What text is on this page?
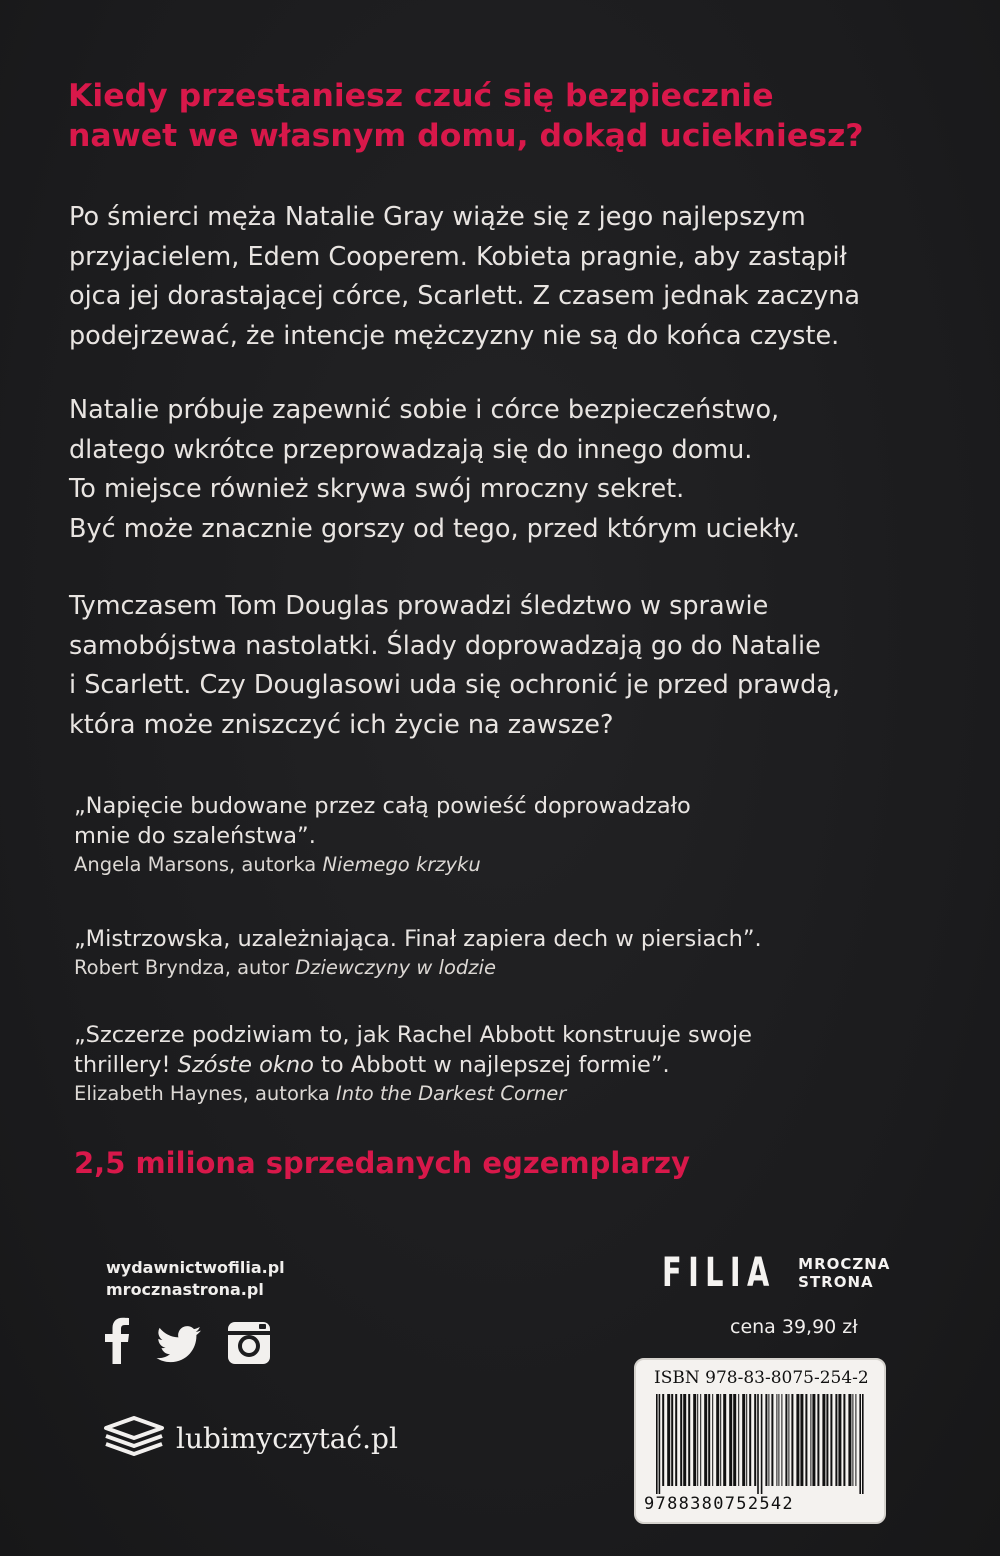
Kiedy przestaniesz czuć się bezpiecznie
nawet we własnym domu, dokąd uciekniesz?
Po śmierci męża Natalie Gray wiąże się z jego najlepszym
przyjacielem, Edem Cooperem. Kobieta pragnie, aby zastąpił
ojca jej dorastającej córce, Scarlett. Z czasem jednak zaczyna
podejrzewać, że intencje mężczyzny nie są do końca czyste.
Natalie próbuje zapewnić sobie i córce bezpieczeństwo,
dlatego wkrótce przeprowadzają się do innego domu.
To miejsce również skrywa swój mroczny sekret.
Być może znacznie gorszy od tego, przed którym uciekły.
Tymczasem Tom Douglas prowadzi śledztwo w sprawie
samobójstwa nastolatki. Ślady doprowadzają go do Natalie
i Scarlett. Czy Douglasowi uda się ochronić je przed prawdą,
która może zniszczyć ich życie na zawsze?
„Napięcie budowane przez całą powieść doprowadzało
mnie do szaleństwa”.
Angela Marsons, autorka Niemego krzyku
„Mistrzowska, uzależniająca. Finał zapiera dech w piersiach”.
Robert Bryndza, autor Dziewczyny w lodzie
„Szczerze podziwiam to, jak Rachel Abbott konstruuje swoje
thrillery! Szóste okno to Abbott w najlepszej formie”.
Elizabeth Haynes, autorka Into the Darkest Corner
2,5 miliona sprzedanych egzemplarzy
wydawnictwofilia.pl
mrocznastrona.pl
lubimyczytać.pl
FILIA MROCZNA
STRONA
cena 39,90 zł
ISBN 978-83-8075-254-2
9788380752542
